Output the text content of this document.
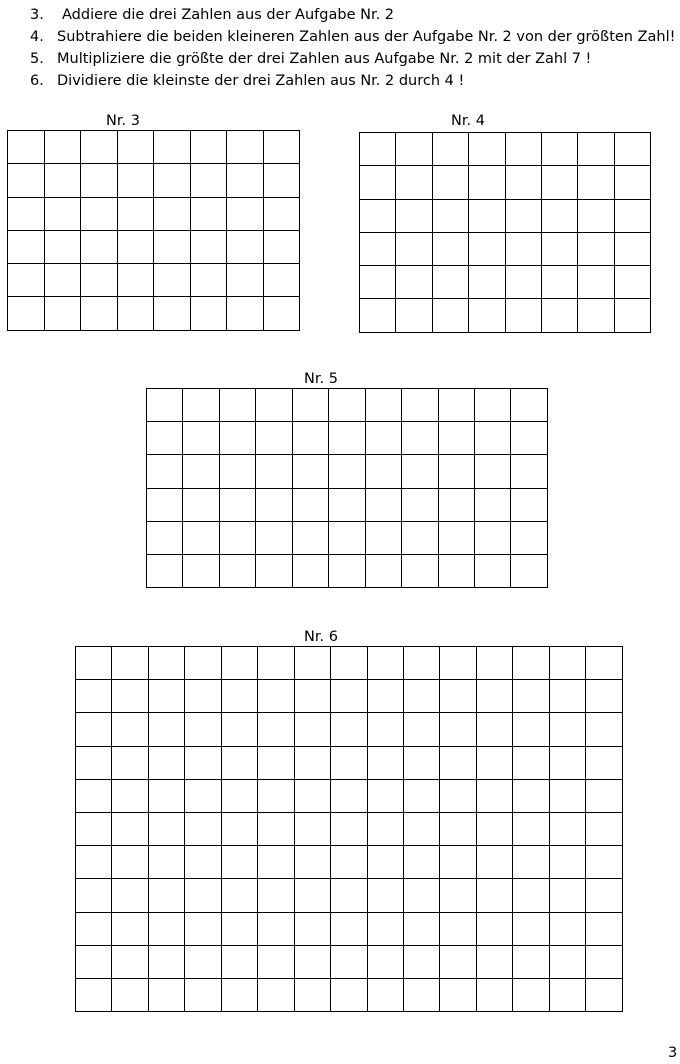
3. Addiere die drei Zahlen aus der Aufgabe Nr. 2
4. Subtrahiere die beiden kleineren Zahlen aus der Aufgabe Nr. 2 von der größten Zahl!
5. Multipliziere die größte der drei Zahlen aus Aufgabe Nr. 2 mit der Zahl 7 !
6. Dividiere die kleinste der drei Zahlen aus Nr. 2 durch 4 !
Nr. 3

								Nr. 4

Nr. 5

Nr. 6

3
